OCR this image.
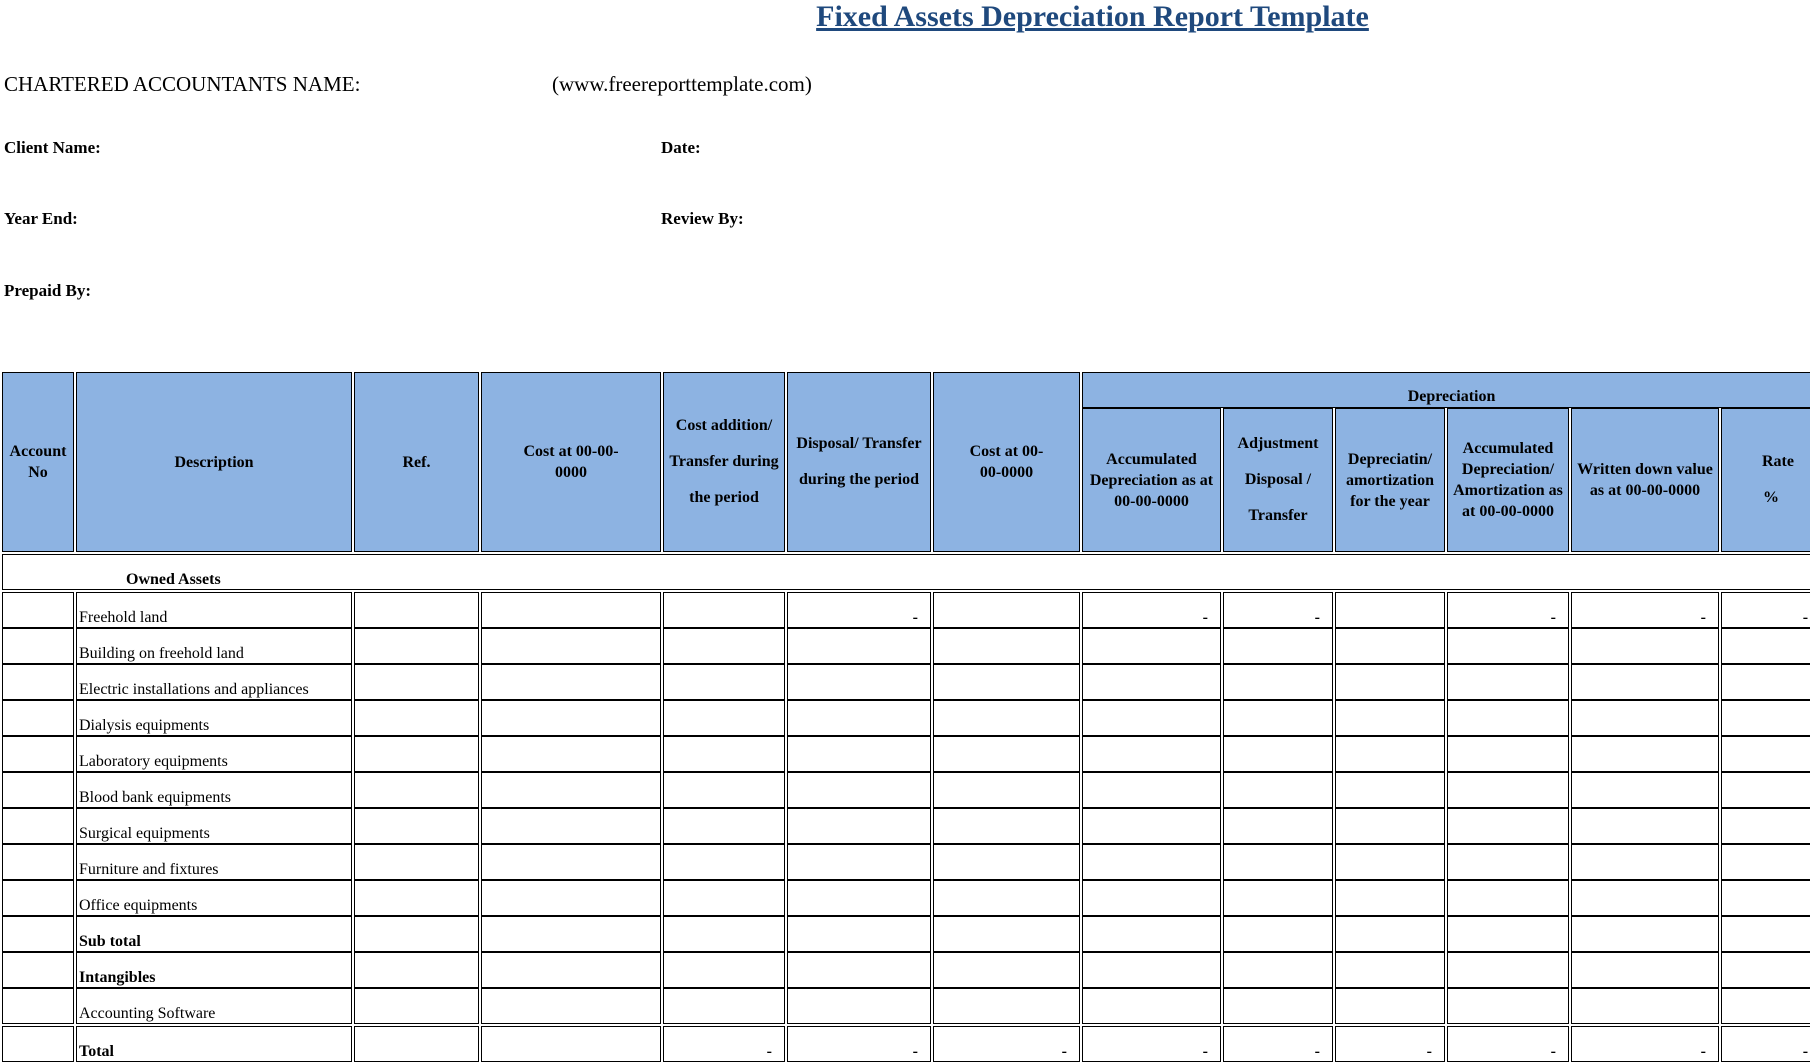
Fixed Assets Depreciation Report Template
CHARTERED ACCOUNTANTS NAME:	(www.freereporttemplate.com)
Client Name:	Date:
Year End:	Review By:
Prepaid By:
Account No	Description	Ref.	Cost at 00-00-0000	Cost addition/ Transfer during the period	Disposal/ Transfer during the period	Cost at 00-00-0000	Depreciation						
							Accumulated Depreciation as at 00-00-0000	Adjustment Disposal / Transfer	Depreciatin/ amortization for the year	Accumulated Depreciation/ Amortization as at 00-00-0000	Written down value as at 00-00-0000	Rate %	

Owned Assets													

	Freehold land				-		-	-		-	-	-	
	Building on freehold land												
	Electric installations and appliances												
	Dialysis equipments												
	Laboratory equipments												
	Blood bank equipments												
	Surgical equipments												
	Furniture and fixtures												
	Office equipments												
	Sub total												
	Intangibles												
	Accounting Software												

	Total			-	-	-	-	-	-	-	-	-	
